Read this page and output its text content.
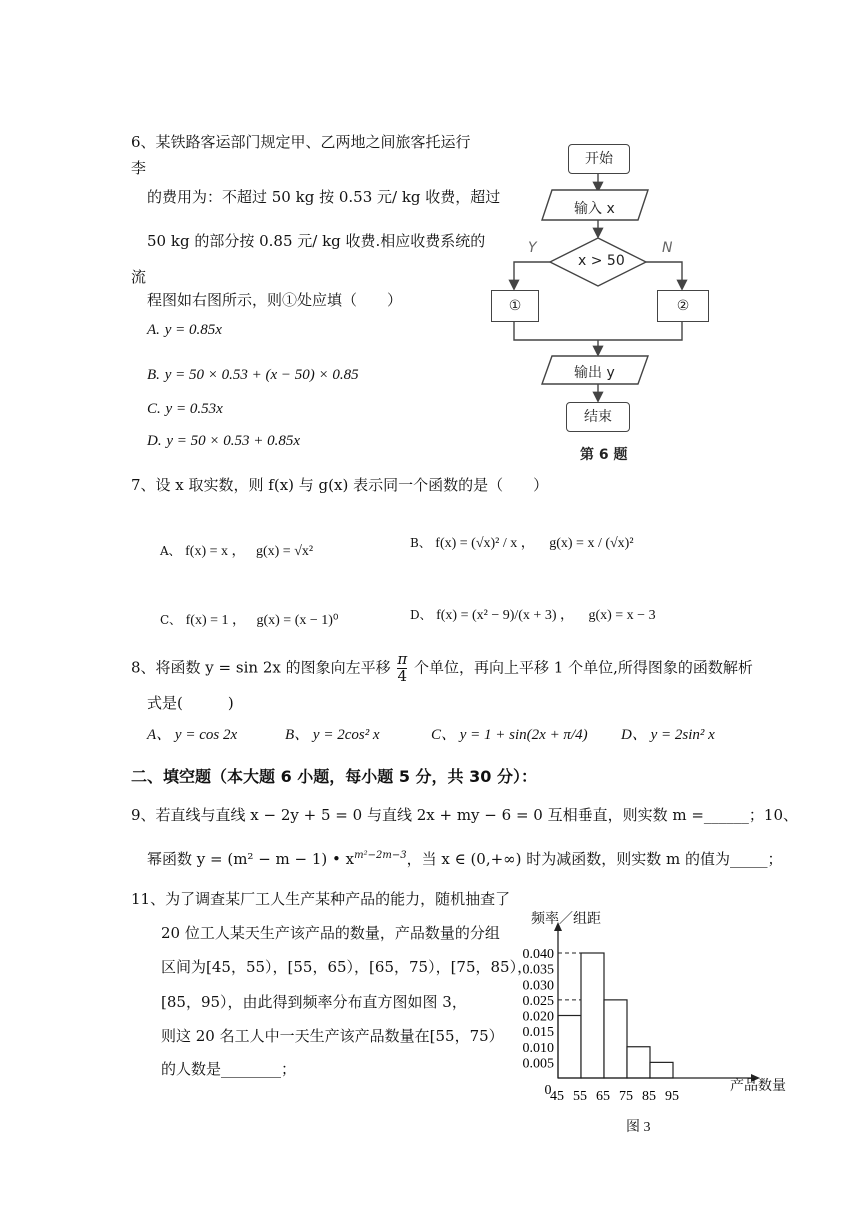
6、某铁路客运部门规定甲、乙两地之间旅客托运行
李
的费用为：不超过 50 kg 按 0.53 元/ kg 收费，超过
50 kg 的部分按 0.85 元/ kg 收费.相应收费系统的
流
程图如右图所示，则①处应填（　　）
A. y = 0.85x
B. y = 50 × 0.53 + (x − 50) × 0.85
C. y = 0.53x
D. y = 50 × 0.53 + 0.85x
开始
输入 x
x > 50
Y	N
①	②
输出 y
结束
第 6 题
7、设 x 取实数，则 f(x) 与 g(x) 表示同一个函数的是（　　）
A、 f(x) = x ， g(x) = √x²
B、 f(x) = (√x)² / x ， g(x) = x / (√x)²
C、 f(x) = 1 ， g(x) = (x − 1)⁰	D、 f(x) = (x² − 9)/(x + 3) ， g(x) = x − 3
8、将函数 y = sin 2x 的图象向左平移 $\frac{\pi}{4}$ 个单位，再向上平移 1 个单位,所得图象的函数解析
式是(　　　)
A、 y = cos 2x	B、 y = 2cos² x	C、 y = 1 + sin(2x + π/4) D、 y = 2sin² x
二、填空题（本大题 6 小题，每小题 5 分，共 30 分）：
9、若直线与直线 x − 2y + 5 = 0 与直线 2x + my − 6 = 0 互相垂直，则实数 m =______；10、
幂函数 y = (m² − m − 1) • $x^{m^2-2m-3}$，当 x ∈ (0,+∞) 时为减函数，则实数 m 的值为_____；
11、为了调查某厂工人生产某种产品的能力，随机抽查了
20 位工人某天生产该产品的数量，产品数量的分组
区间为[45，55），[55，65），[65，75），[75，85），
[85，95），由此得到频率分布直方图如图 3，
则这 20 名工人中一天生产该产品数量在[55，75）
的人数是________；
0.040
0.035
0.030
0.025
0.020
0.015
0.010
0.005
0
45 55 65 75 85 95
频率／组距
产品数量
图 3
